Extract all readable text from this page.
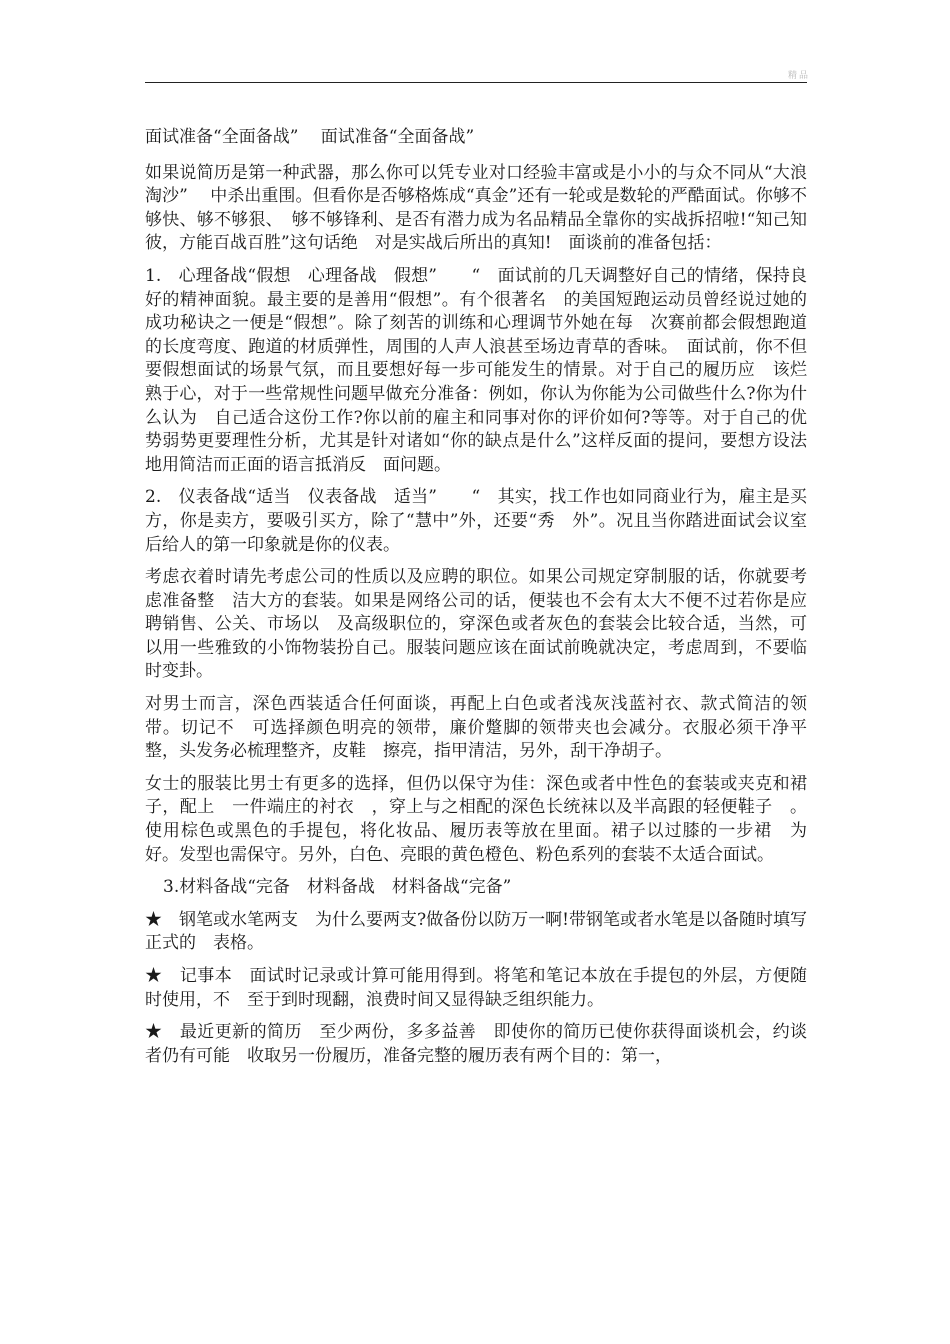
精品

面试准备“全面备战”　 面试准备“全面备战”

如果说简历是第一种武器，那么你可以凭专业对口经验丰富或是小小的与众不同从“大浪淘沙”　 中杀出重围。但看你是否够格炼成“真金”还有一轮或是数轮的严酷面试。你够不够快、够不够狠、　够不够锋利、是否有潜力成为名品精品全靠你的实战拆招啦!“知己知彼，方能百战百胜”这句话绝　对是实战后所出的真知!　面谈前的准备包括：

1.　心理备战“假想　心理备战　假想”　　“　面试前的几天调整好自己的情绪，保持良好的精神面貌。最主要的是善用“假想”。有个很著名　的美国短跑运动员曾经说过她的成功秘诀之一便是“假想”。除了刻苦的训练和心理调节外她在每　次赛前都会假想跑道的长度弯度、跑道的材质弹性，周围的人声人浪甚至场边青草的香味。　面试前，你不但要假想面试的场景气氛，而且要想好每一步可能发生的情景。对于自己的履历应　该烂熟于心，对于一些常规性问题早做充分准备：例如，你认为你能为公司做些什么?你为什么认为　自己适合这份工作?你以前的雇主和同事对你的评价如何?等等。对于自己的优势弱势更要理性分析，尤其是针对诸如“你的缺点是什么”这样反面的提问，要想方设法地用简洁而正面的语言抵消反　面问题。

2.　仪表备战“适当　仪表备战　适当”　　“　其实，找工作也如同商业行为，雇主是买方，你是卖方，要吸引买方，除了“慧中”外，还要“秀　外”。况且当你踏进面试会议室后给人的第一印象就是你的仪表。

考虑衣着时请先考虑公司的性质以及应聘的职位。如果公司规定穿制服的话，你就要考虑准备整　洁大方的套装。如果是网络公司的话，便装也不会有太大不便不过若你是应聘销售、公关、市场以　及高级职位的，穿深色或者灰色的套装会比较合适，当然，可以用一些雅致的小饰物装扮自己。服装问题应该在面试前晚就决定，考虑周到，不要临时变卦。

对男士而言，深色西装适合任何面谈，再配上白色或者浅灰浅蓝衬衣、款式简洁的领带。切记不　可选择颜色明亮的领带，廉价蹩脚的领带夹也会减分。衣服必须干净平整，头发务必梳理整齐，皮鞋　擦亮，指甲清洁，另外，刮干净胡子。

女士的服装比男士有更多的选择，但仍以保守为佳：深色或者中性色的套装或夹克和裙子，配上　一件端庄的衬衣　，穿上与之相配的深色长统袜以及半高跟的轻便鞋子　。使用棕色或黑色的手提包，将化妆品、履历表等放在里面。裙子以过膝的一步裙　为好。发型也需保守。另外，白色、亮眼的黄色橙色、粉色系列的套装不太适合面试。

3.材料备战“完备　材料备战　材料备战“完备”

★　钢笔或水笔两支　为什么要两支?做备份以防万一啊!带钢笔或者水笔是以备随时填写正式的　表格。

★　记事本　面试时记录或计算可能用得到。将笔和笔记本放在手提包的外层，方便随时使用，不　至于到时现翻，浪费时间又显得缺乏组织能力。

★　最近更新的简历　至少两份，多多益善　即使你的简历已使你获得面谈机会，约谈者仍有可能　收取另一份履历，准备完整的履历表有两个目的：第一，
